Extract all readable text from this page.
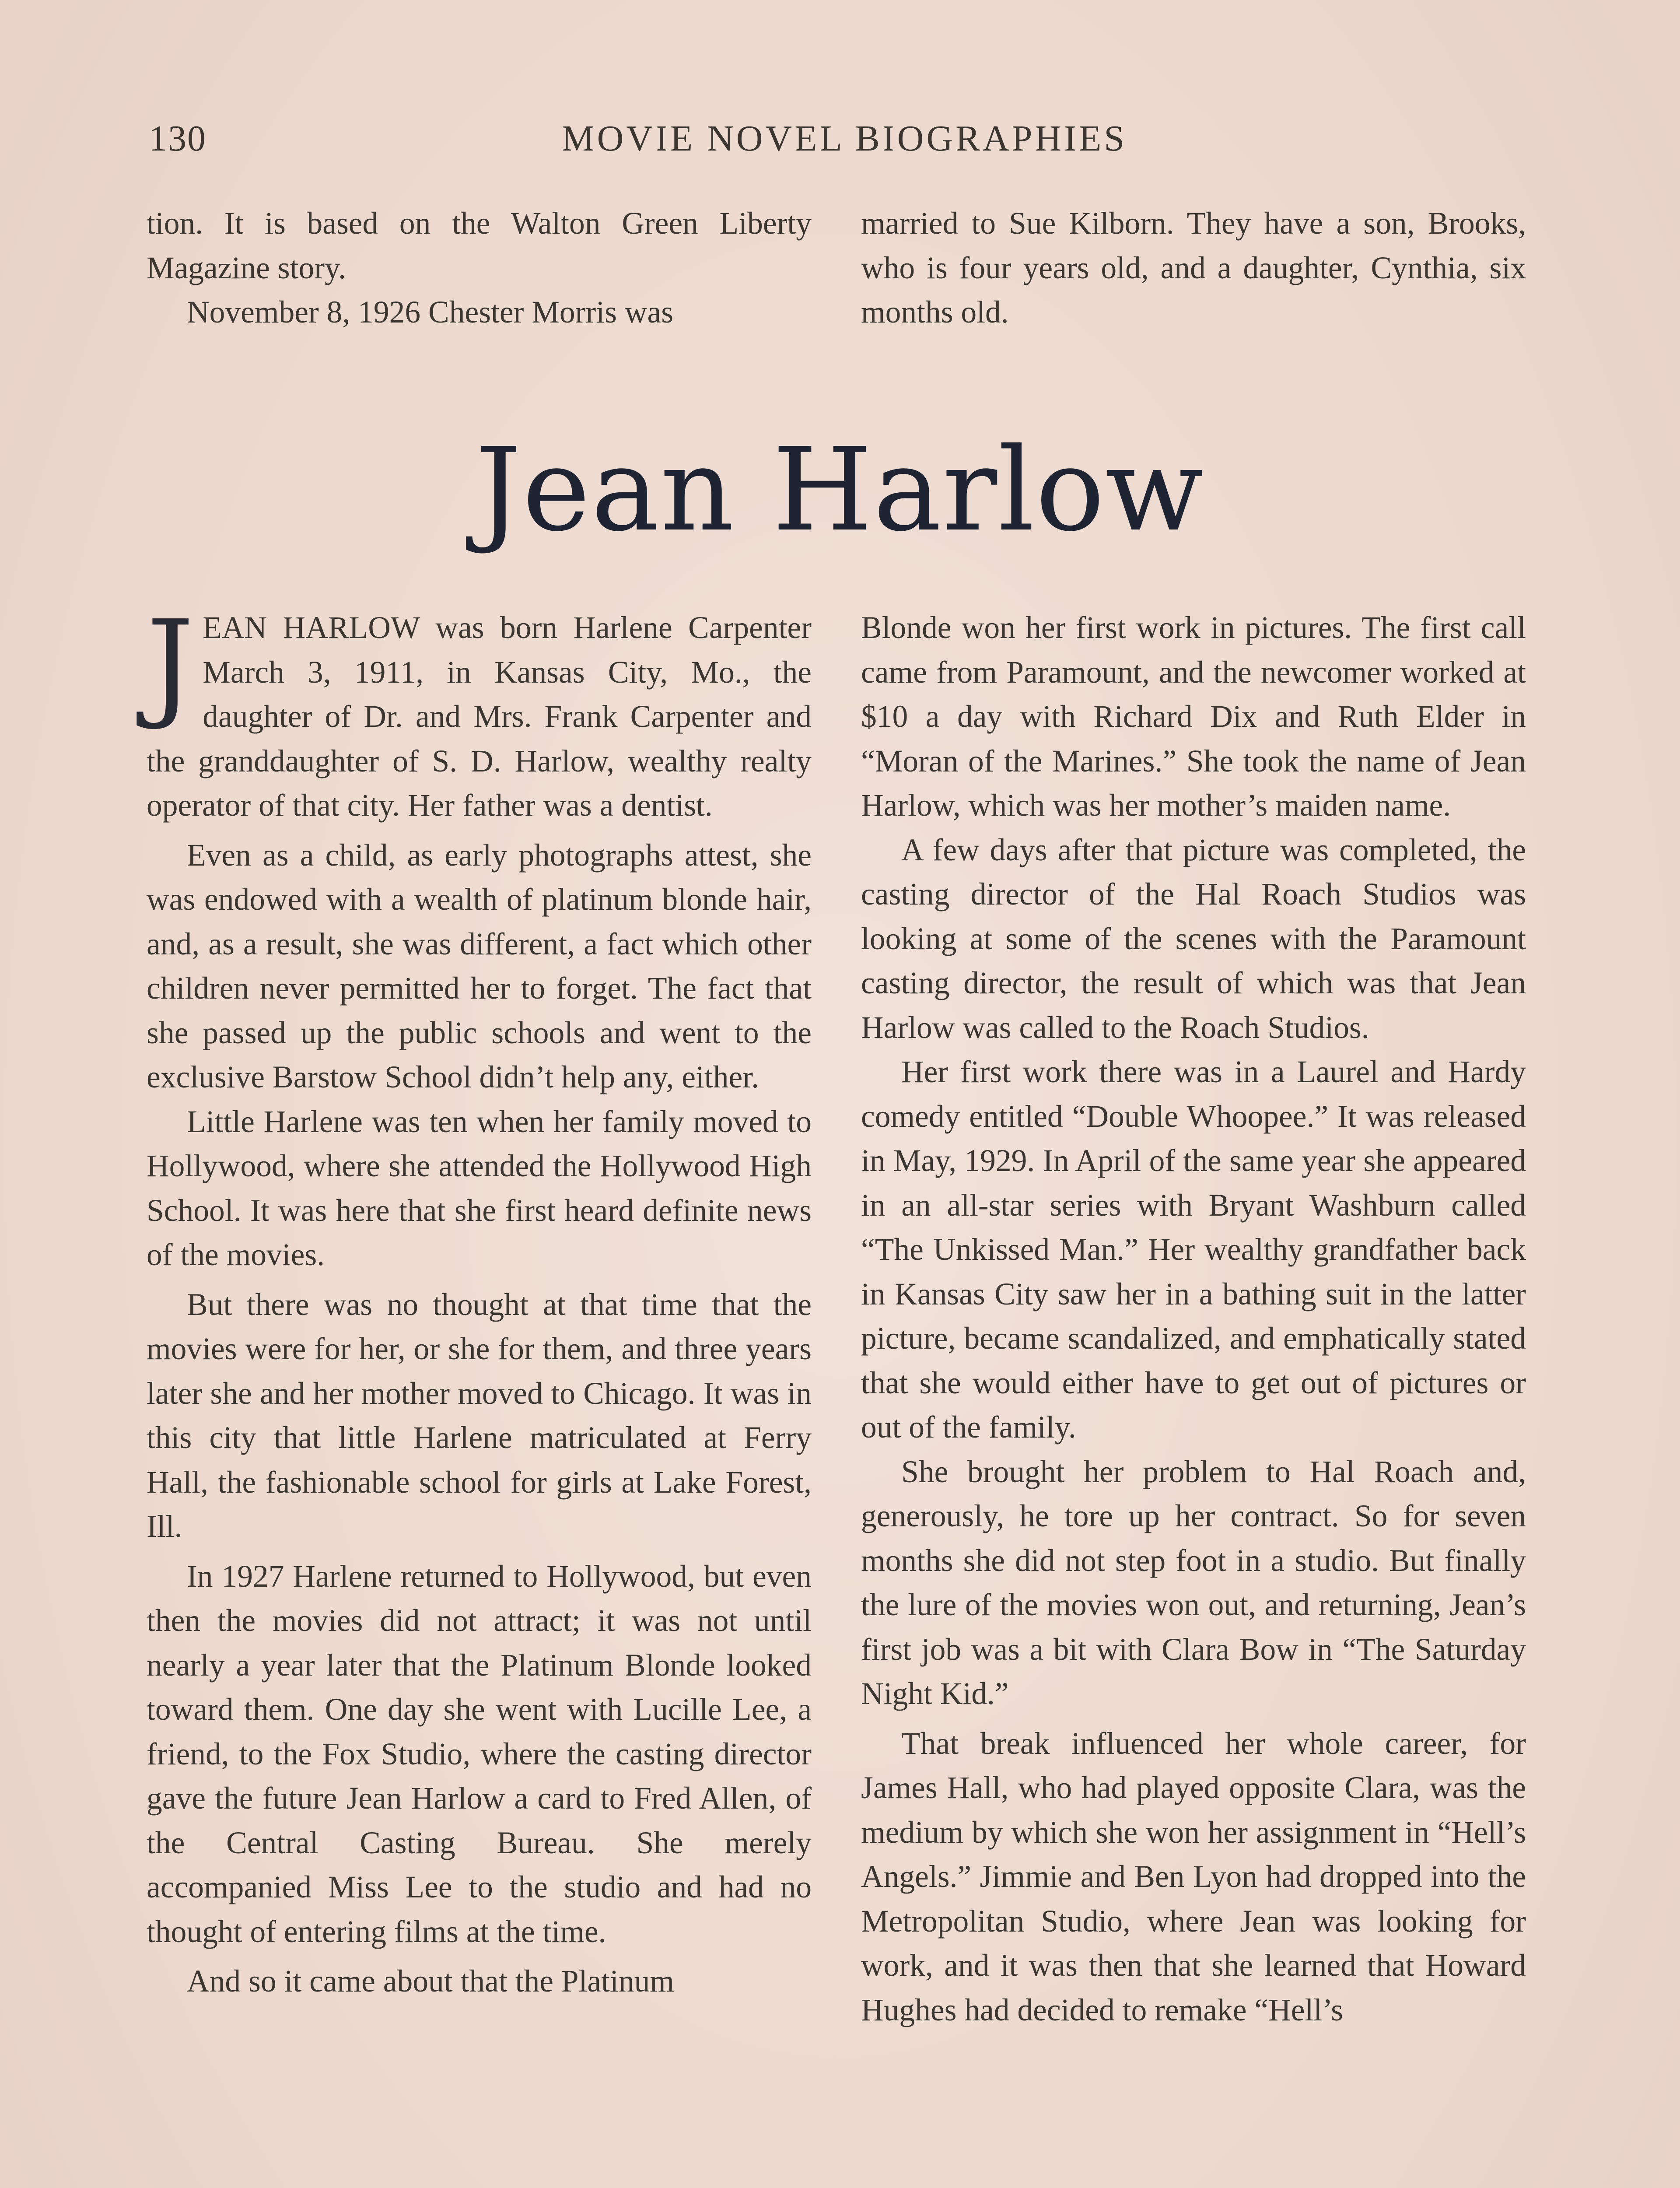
130	MOVIE NOVEL BIOGRAPHIES

tion. It is based on the Walton Green Liberty Magazine story.

November 8, 1926 Chester Morris was

married to Sue Kilborn. They have a son, Brooks, who is four years old, and a daughter, Cynthia, six months old.

Jean Harlow

JEAN HARLOW was born Harlene Carpenter March 3, 1911, in Kansas City, Mo., the daughter of Dr. and Mrs. Frank Carpenter and the granddaughter of S. D. Harlow, wealthy realty operator of that city. Her father was a dentist.

Even as a child, as early photographs attest, she was endowed with a wealth of platinum blonde hair, and, as a result, she was different, a fact which other children never permitted her to forget. The fact that she passed up the public schools and went to the exclusive Barstow School didn’t help any, either.

Little Harlene was ten when her family moved to Hollywood, where she attended the Hollywood High School. It was here that she first heard definite news of the movies.

But there was no thought at that time that the movies were for her, or she for them, and three years later she and her mother moved to Chicago. It was in this city that little Harlene matriculated at Ferry Hall, the fashionable school for girls at Lake Forest, Ill.

In 1927 Harlene returned to Hollywood, but even then the movies did not attract; it was not until nearly a year later that the Platinum Blonde looked toward them. One day she went with Lucille Lee, a friend, to the Fox Studio, where the casting director gave the future Jean Harlow a card to Fred Allen, of the Central Casting Bureau. She merely accompanied Miss Lee to the studio and had no thought of entering films at the time.

And so it came about that the Platinum

Blonde won her first work in pictures. The first call came from Paramount, and the newcomer worked at $10 a day with Richard Dix and Ruth Elder in “Moran of the Marines.” She took the name of Jean Harlow, which was her mother’s maiden name.

A few days after that picture was completed, the casting director of the Hal Roach Studios was looking at some of the scenes with the Paramount casting director, the result of which was that Jean Harlow was called to the Roach Studios.

Her first work there was in a Laurel and Hardy comedy entitled “Double Whoopee.” It was released in May, 1929. In April of the same year she appeared in an all-star series with Bryant Washburn called “The Unkissed Man.” Her wealthy grandfather back in Kansas City saw her in a bathing suit in the latter picture, became scandalized, and emphatically stated that she would either have to get out of pictures or out of the family.

She brought her problem to Hal Roach and, generously, he tore up her contract. So for seven months she did not step foot in a studio. But finally the lure of the movies won out, and returning, Jean’s first job was a bit with Clara Bow in “The Saturday Night Kid.”

That break influenced her whole career, for James Hall, who had played opposite Clara, was the medium by which she won her assignment in “Hell’s Angels.” Jimmie and Ben Lyon had dropped into the Metropolitan Studio, where Jean was looking for work, and it was then that she learned that Howard Hughes had decided to remake “Hell’s
